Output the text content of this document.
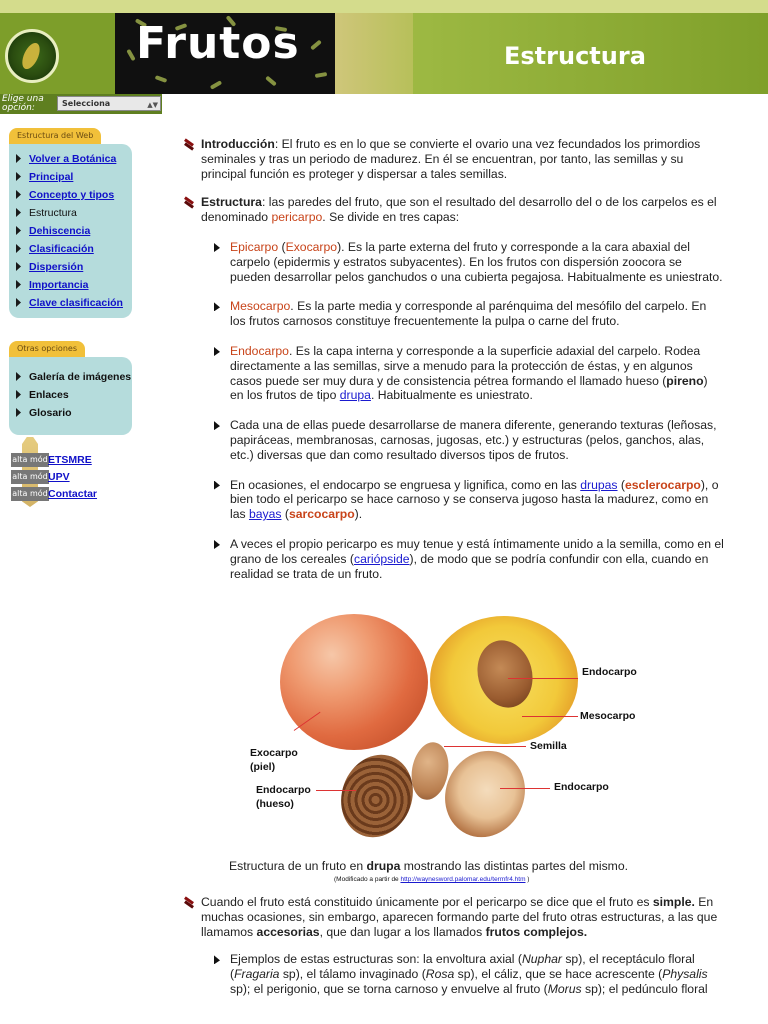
Frutos	Estructura
Elige una opción:	Selecciona	▲▼
Estructura del Web
Volver a Botánica
Principal
Concepto y tipos
Estructura
Dehiscencia
Clasificación
Dispersión
Importancia
Clave clasificación
Otras opciones
Galería de imágenes
Enlaces
Glosario
alta mód ETSMRE
alta mód UPV
alta mód Contactar
Introducción: El fruto es en lo que se convierte el ovario una vez fecundados los primordios seminales y tras un periodo de madurez. En él se encuentran, por tanto, las semillas y su principal función es proteger y dispersar a tales semillas.
Estructura: las paredes del fruto, que son el resultado del desarrollo del o de los carpelos es el denominado pericarpo. Se divide en tres capas:
Epicarpo (Exocarpo). Es la parte externa del fruto y corresponde a la cara abaxial del carpelo (epidermis y estratos subyacentes). En los frutos con dispersión zoocora se pueden desarrollar pelos ganchudos o una cubierta pegajosa. Habitualmente es uniestrato.
Mesocarpo. Es la parte media y corresponde al parénquima del mesófilo del carpelo. En los frutos carnosos constituye frecuentemente la pulpa o carne del fruto.
Endocarpo. Es la capa interna y corresponde a la superficie adaxial del carpelo. Rodea directamente a las semillas, sirve a menudo para la protección de éstas, y en algunos casos puede ser muy dura y de consistencia pétrea formando el llamado hueso (pireno) en los frutos de tipo drupa. Habitualmente es uniestrato.
Cada una de ellas puede desarrollarse de manera diferente, generando texturas (leñosas, papiráceas, membranosas, carnosas, jugosas, etc.) y estructuras (pelos, ganchos, alas, etc.) diversas que dan como resultado diversos tipos de frutos.
En ocasiones, el endocarpo se engruesa y lignifica, como en las drupas (esclerocarpo), o bien todo el pericarpo se hace carnoso y se conserva jugoso hasta la madurez, como en las bayas (sarcocarpo).
A veces el propio pericarpo es muy tenue y está íntimamente unido a la semilla, como en el grano de los cereales (cariópside), de modo que se podría confundir con ella, cuando en realidad se trata de un fruto.
Endocarpo
Mesocarpo
Semilla
Exocarpo
(piel)
Endocarpo
(hueso)
Endocarpo
Estructura de un fruto en drupa mostrando las distintas partes del mismo.
(Modificado a partir de http://waynesword.palomar.edu/termfr4.htm )
Cuando el fruto está constituido únicamente por el pericarpo se dice que el fruto es simple. En muchas ocasiones, sin embargo, aparecen formando parte del fruto otras estructuras, a las que llamamos accesorias, que dan lugar a los llamados frutos complejos.
Ejemplos de estas estructuras son: la envoltura axial (Nuphar sp), el receptáculo floral (Fragaria sp), el tálamo invaginado (Rosa sp), el cáliz, que se hace acrescente (Physalis sp); el perigonio, que se torna carnoso y envuelve al fruto (Morus sp); el pedúnculo floral
